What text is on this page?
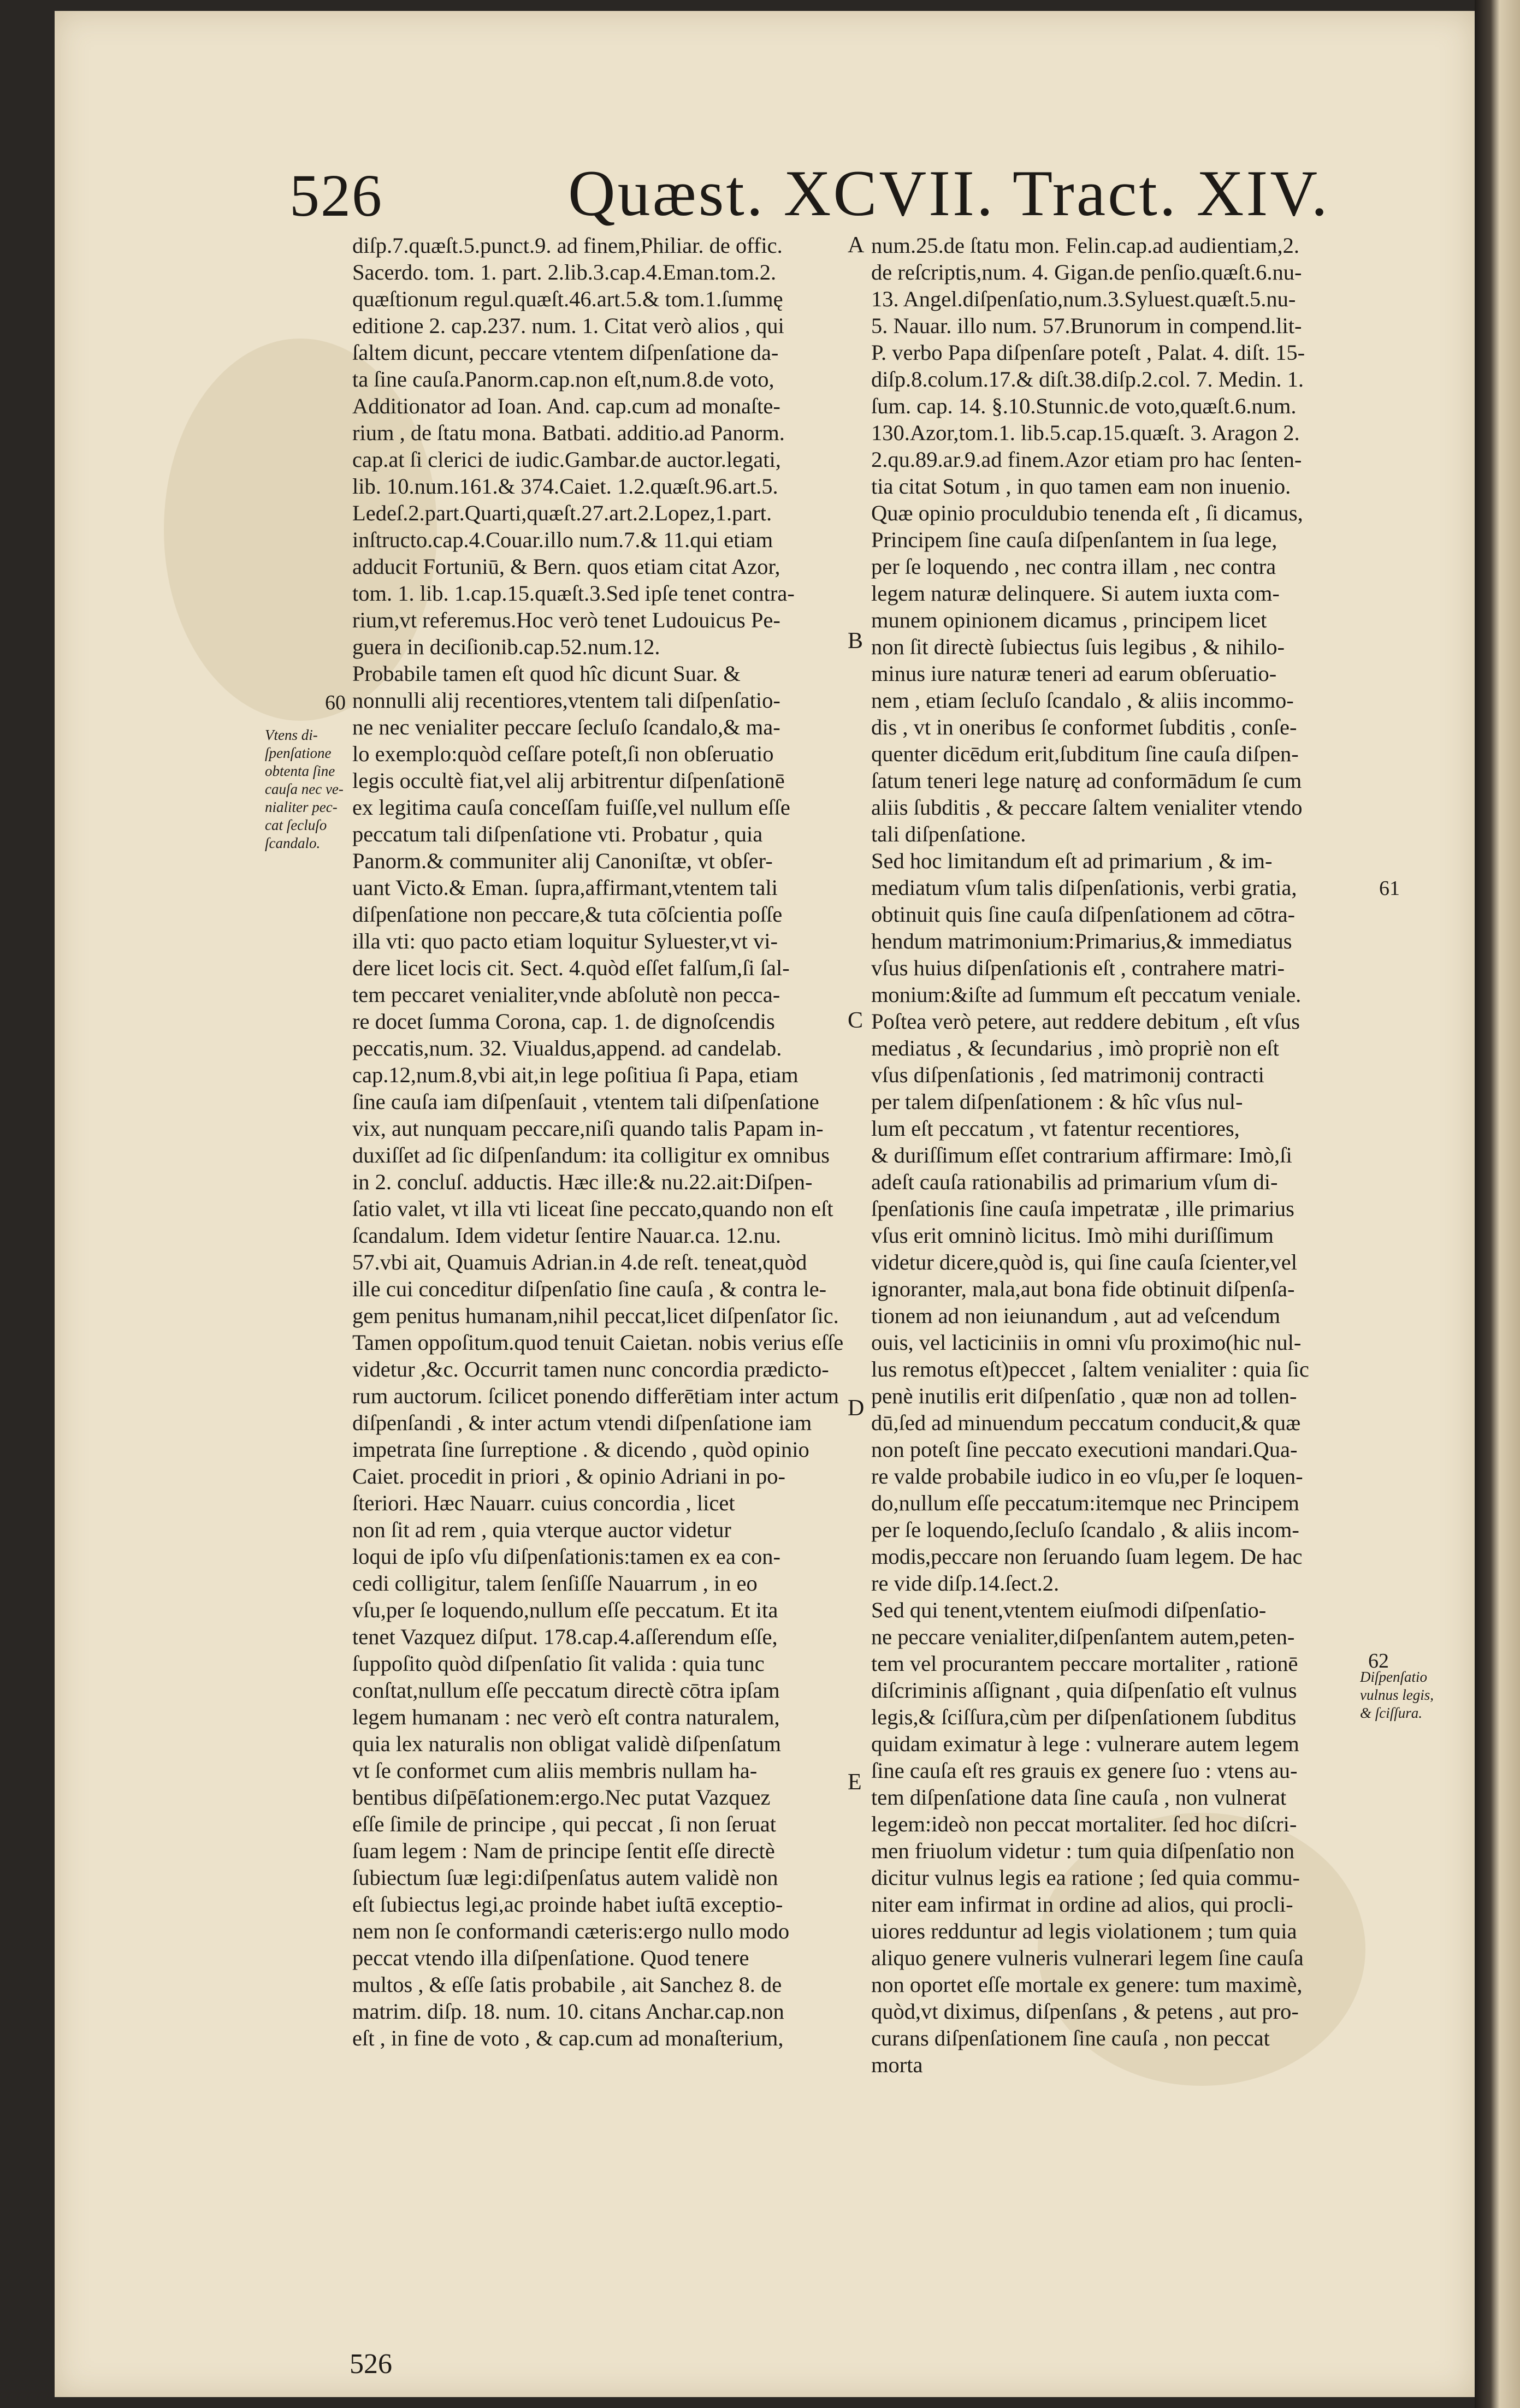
526	Quæst. XCVII. Tract. XIV.
diſp.7.quæſt.5.punct.9. ad finem,Philiar. de offic.
Sacerdo. tom. 1. part. 2.lib.3.cap.4.Eman.tom.2.
quæſtionum regul.quæſt.46.art.5.& tom.1.ſummę
editione 2. cap.237. num. 1. Citat verò alios , qui
ſaltem dicunt, peccare vtentem diſpenſatione da-
ta ſine cauſa.Panorm.cap.non eſt,num.8.de voto,
Additionator ad Ioan. And. cap.cum ad monaſte-
rium , de ſtatu mona. Batbati. additio.ad Panorm.
cap.at ſi clerici de iudic.Gambar.de auctor.legati,
lib. 10.num.161.& 374.Caiet. 1.2.quæſt.96.art.5.
Ledeſ.2.part.Quarti,quæſt.27.art.2.Lopez,1.part.
inſtructo.cap.4.Couar.illo num.7.& 11.qui etiam
adducit Fortuniū, & Bern. quos etiam citat Azor,
tom. 1. lib. 1.cap.15.quæſt.3.Sed ipſe tenet contra-
rium,vt referemus.Hoc verò tenet Ludouicus Pe-
guera in deciſionib.cap.52.num.12.
Probabile tamen eſt quod hîc dicunt Suar. &
nonnulli alij recentiores,vtentem tali diſpenſatio-
ne nec venialiter peccare ſecluſo ſcandalo,& ma-
lo exemplo:quòd ceſſare poteſt,ſi non obſeruatio
legis occultè fiat,vel alij arbitrentur diſpenſationē
ex legitima cauſa conceſſam fuiſſe,vel nullum eſſe
peccatum tali diſpenſatione vti. Probatur , quia
Panorm.& communiter alij Canoniſtæ, vt obſer-
uant Victo.& Eman. ſupra,affirmant,vtentem tali
diſpenſatione non peccare,& tuta cōſcientia poſſe
illa vti: quo pacto etiam loquitur Syluester,vt vi-
dere licet locis cit. Sect. 4.quòd eſſet falſum,ſi ſal-
tem peccaret venialiter,vnde abſolutè non pecca-
re docet ſumma Corona, cap. 1. de dignoſcendis
peccatis,num. 32. Viualdus,append. ad candelab.
cap.12,num.8,vbi ait,in lege poſitiua ſi Papa, etiam
ſine cauſa iam diſpenſauit , vtentem tali diſpenſatione
vix, aut nunquam peccare,niſi quando talis Papam in-
duxiſſet ad ſic diſpenſandum: ita colligitur ex omnibus
in 2. concluſ. adductis. Hæc ille:& nu.22.ait:Diſpen-
ſatio valet, vt illa vti liceat ſine peccato,quando non eſt
ſcandalum. Idem videtur ſentire Nauar.ca. 12.nu.
57.vbi ait, Quamuis Adrian.in 4.de reſt. teneat,quòd
ille cui conceditur diſpenſatio ſine cauſa , & contra le-
gem penitus humanam,nihil peccat,licet diſpenſator ſic.
Tamen oppoſitum.quod tenuit Caietan. nobis verius eſſe
videtur ,&c. Occurrit tamen nunc concordia prædicto-
rum auctorum. ſcilicet ponendo differētiam inter actum
diſpenſandi , & inter actum vtendi diſpenſatione iam
impetrata ſine ſurreptione . & dicendo , quòd opinio
Caiet. procedit in priori , & opinio Adriani in po-
ſteriori. Hæc Nauarr. cuius concordia , licet
non ſit ad rem , quia vterque auctor videtur
loqui de ipſo vſu diſpenſationis:tamen ex ea con-
cedi colligitur, talem ſenſiſſe Nauarrum , in eo
vſu,per ſe loquendo,nullum eſſe peccatum. Et ita
tenet Vazquez diſput. 178.cap.4.aſſerendum eſſe,
ſuppoſito quòd diſpenſatio ſit valida : quia tunc
conſtat,nullum eſſe peccatum directè cōtra ipſam
legem humanam : nec verò eſt contra naturalem,
quia lex naturalis non obligat validè diſpenſatum
vt ſe conformet cum aliis membris nullam ha-
bentibus diſpēſationem:ergo.Nec putat Vazquez
eſſe ſimile de principe , qui peccat , ſi non ſeruat
ſuam legem : Nam de principe ſentit eſſe directè
ſubiectum ſuæ legi:diſpenſatus autem validè non
eſt ſubiectus legi,ac proinde habet iuſtā exceptio-
nem non ſe conformandi cæteris:ergo nullo modo
peccat vtendo illa diſpenſatione. Quod tenere
multos , & eſſe ſatis probabile , ait Sanchez 8. de
matrim. diſp. 18. num. 10. citans Anchar.cap.non
eſt , in fine de voto , & cap.cum ad monaſterium,
num.25.de ſtatu mon. Felin.cap.ad audientiam,2.
de reſcriptis,num. 4. Gigan.de penſio.quæſt.6.nu-
13. Angel.diſpenſatio,num.3.Syluest.quæſt.5.nu-
5. Nauar. illo num. 57.Brunorum in compend.lit-
P. verbo Papa diſpenſare poteſt , Palat. 4. diſt. 15-
diſp.8.colum.17.& diſt.38.diſp.2.col. 7. Medin. 1.
ſum. cap. 14. §.10.Stunnic.de voto,quæſt.6.num.
130.Azor,tom.1. lib.5.cap.15.quæſt. 3. Aragon 2.
2.qu.89.ar.9.ad finem.Azor etiam pro hac ſenten-
tia citat Sotum , in quo tamen eam non inuenio.
Quæ opinio proculdubio tenenda eſt , ſi dicamus,
Principem ſine cauſa diſpenſantem in ſua lege,
per ſe loquendo , nec contra illam , nec contra
legem naturæ delinquere. Si autem iuxta com-
munem opinionem dicamus , principem licet
non ſit directè ſubiectus ſuis legibus , & nihilo-
minus iure naturæ teneri ad earum obſeruatio-
nem , etiam ſecluſo ſcandalo , & aliis incommo-
dis , vt in oneribus ſe conformet ſubditis , conſe-
quenter dicēdum erit,ſubditum ſine cauſa diſpen-
ſatum teneri lege naturę ad conformādum ſe cum
aliis ſubditis , & peccare ſaltem venialiter vtendo
tali diſpenſatione.
Sed hoc limitandum eſt ad primarium , & im-
mediatum vſum talis diſpenſationis, verbi gratia,
obtinuit quis ſine cauſa diſpenſationem ad cōtra-
hendum matrimonium:Primarius,& immediatus
vſus huius diſpenſationis eſt , contrahere matri-
monium:&iſte ad ſummum eſt peccatum veniale.
Poſtea verò petere, aut reddere debitum , eſt vſus
mediatus , & ſecundarius , imò propriè non eſt
vſus diſpenſationis , ſed matrimonij contracti
per talem diſpenſationem : & hîc vſus nul-
lum eſt peccatum , vt fatentur recentiores,
& duriſſimum eſſet contrarium affirmare: Imò,ſi
adeſt cauſa rationabilis ad primarium vſum di-
ſpenſationis ſine cauſa impetratæ , ille primarius
vſus erit omninò licitus. Imò mihi duriſſimum
videtur dicere,quòd is, qui ſine cauſa ſcienter,vel
ignoranter, mala,aut bona fide obtinuit diſpenſa-
tionem ad non ieiunandum , aut ad veſcendum
ouis, vel lacticiniis in omni vſu proximo(hic nul-
lus remotus eſt)peccet , ſaltem venialiter : quia ſic
penè inutilis erit diſpenſatio , quæ non ad tollen-
dū,ſed ad minuendum peccatum conducit,& quæ
non poteſt ſine peccato executioni mandari.Qua-
re valde probabile iudico in eo vſu,per ſe loquen-
do,nullum eſſe peccatum:itemque nec Principem
per ſe loquendo,ſecluſo ſcandalo , & aliis incom-
modis,peccare non ſeruando ſuam legem. De hac
re vide diſp.14.ſect.2.
Sed qui tenent,vtentem eiuſmodi diſpenſatio-
ne peccare venialiter,diſpenſantem autem,peten-
tem vel procurantem peccare mortaliter , rationē
diſcriminis aſſignant , quia diſpenſatio eſt vulnus
legis,& ſciſſura,cùm per diſpenſationem ſubditus
quidam eximatur à lege : vulnerare autem legem
ſine cauſa eſt res grauis ex genere ſuo : vtens au-
tem diſpenſatione data ſine cauſa , non vulnerat
legem:ideò non peccat mortaliter. ſed hoc diſcri-
men friuolum videtur : tum quia diſpenſatio non
dicitur vulnus legis ea ratione ; ſed quia commu-
niter eam infirmat in ordine ad alios, qui procli-
uiores redduntur ad legis violationem ; tum quia
aliquo genere vulneris vulnerari legem ſine cauſa
non oportet eſſe mortale ex genere: tum maximè,
quòd,vt diximus, diſpenſans , & petens , aut pro-
curans diſpenſationem ſine cauſa , non peccat
morta
A
B
C
D
E
60
61
62
Vtens di-
ſpenſatione
obtenta ſine
cauſa nec ve-
nialiter pec-
cat ſecluſo
ſcandalo.
Diſpenſatio
vulnus legis,
& ſciſſura.
526
